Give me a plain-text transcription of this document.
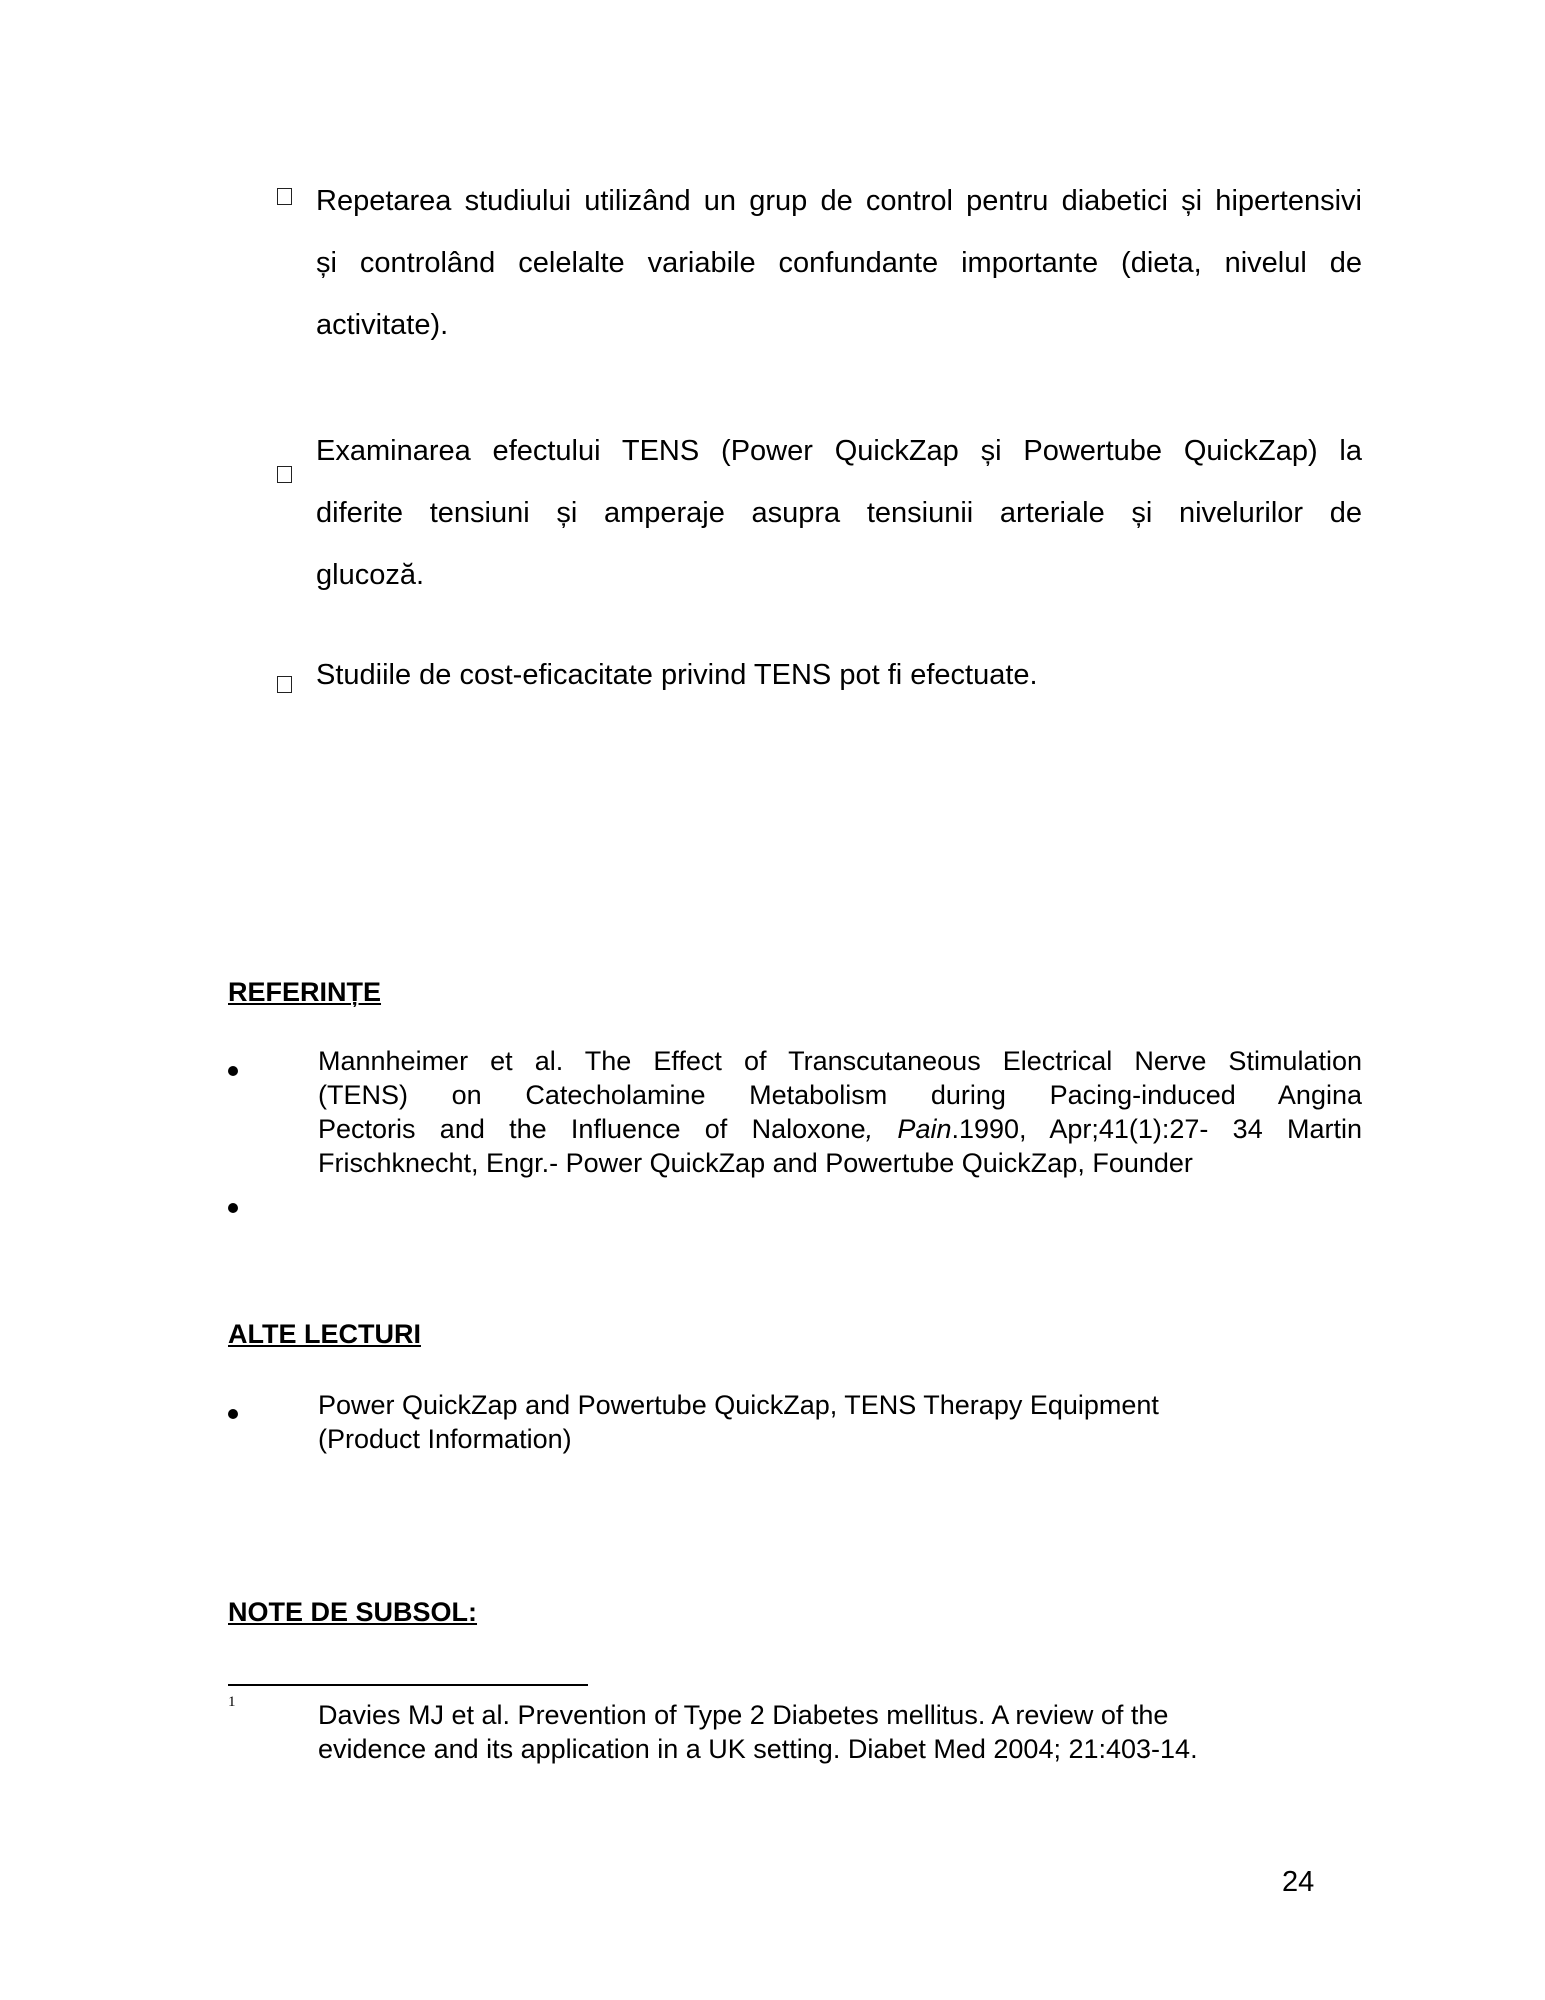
Repetarea studiului utilizând un grup de control pentru diabetici și hipertensivi
și controlând celelalte variabile confundante importante (dieta, nivelul de
activitate).
Examinarea efectului TENS (Power QuickZap și Powertube QuickZap) la
diferite tensiuni și amperaje asupra tensiunii arteriale și nivelurilor de
glucoză.
Studiile de cost-eficacitate privind TENS pot fi efectuate.
REFERINȚE
Mannheimer et al. The Effect of Transcutaneous Electrical Nerve Stimulation
(TENS) on Catecholamine Metabolism during Pacing-induced Angina
Pectoris and the Influence of Naloxone, Pain.1990, Apr;41(1):27- 34 Martin
Frischknecht, Engr.- Power QuickZap and Powertube QuickZap, Founder
ALTE LECTURI
Power QuickZap and Powertube QuickZap, TENS Therapy Equipment
(Product Information)
NOTE DE SUBSOL:
1	Davies MJ et al. Prevention of Type 2 Diabetes mellitus. A review of the
evidence and its application in a UK setting. Diabet Med 2004; 21:403-14.
24
